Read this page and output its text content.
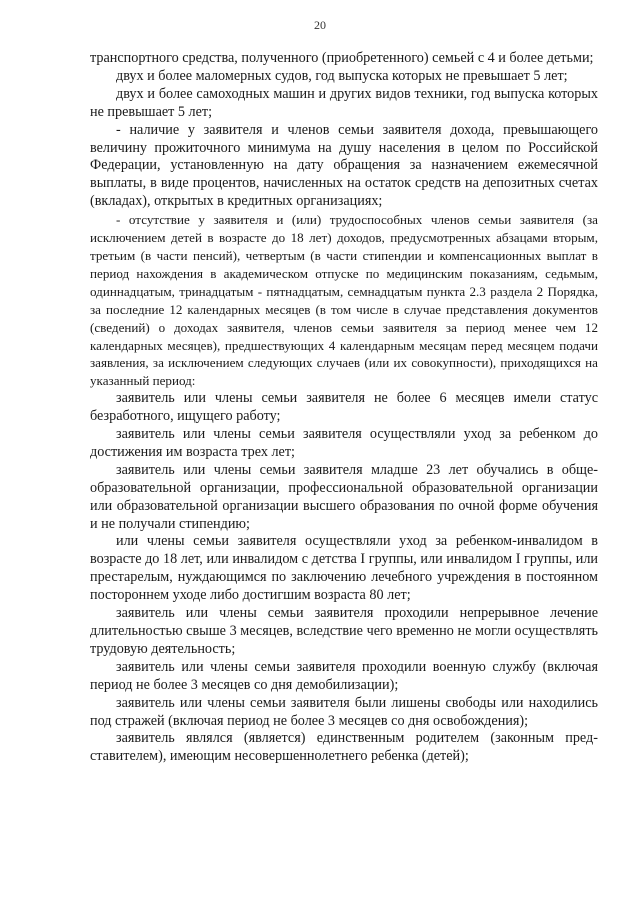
20

транспортного средства, полученного (приобретенного) семьей с 4 и более детьми;

двух и более маломерных судов, год выпуска которых не превышает 5 лет;

двух и более самоходных машин и других видов техники, год выпуска которых не превышает 5 лет;

- наличие у заявителя и членов семьи заявителя дохода, превышающего величину прожиточного минимума на душу населения в целом по Российской Федерации, установленную на дату обращения за назначением ежемесячной выплаты, в виде процентов, начисленных на остаток средств на депозитных счетах (вкладах), открытых в кредитных организациях;

- отсутствие у заявителя и (или) трудоспособных членов семьи заявителя (за исключением детей в возрасте до 18 лет) доходов, предусмотренных абзацами вторым, третьим (в части пенсий), четвертым (в части стипендии и компенсационных выплат в период нахождения в академическом отпуске по медицинским показаниям, седьмым, одиннадцатым, тринадцатым - пятнадцатым, семнадцатым пункта 2.3 раздела 2 Порядка, за последние 12 календарных месяцев (в том числе в случае представления документов (сведений) о доходах заявителя, членов семьи заявителя за период менее чем 12 календарных месяцев), предшествующих 4 календарным месяцам перед месяцем подачи заявления, за исключением следующих случаев (или их совокупности), приходящихся на указанный период:

заявитель или члены семьи заявителя не более 6 месяцев имели статус безработного, ищущего работу;

заявитель или члены семьи заявителя осуществляли уход за ребенком до достижения им возраста трех лет;

заявитель или члены семьи заявителя младше 23 лет обучались в общеобразовательной организации, профессиональной образовательной организации или образовательной организации высшего образования по очной форме обучения и не получали стипендию;

или члены семьи заявителя осуществляли уход за ребенком-инвалидом в возрасте до 18 лет, или инвалидом с детства I группы, или инвалидом I группы, или престарелым, нуждающимся по заключению лечебного учреждения в постоянном постороннем уходе либо достигшим возраста 80 лет;

заявитель или члены семьи заявителя проходили непрерывное лечение длительностью свыше 3 месяцев, вследствие чего временно не могли осуществлять трудовую деятельность;

заявитель или члены семьи заявителя проходили военную службу (включая период не более 3 месяцев со дня демобилизации);

заявитель или члены семьи заявителя были лишены свободы или находились под стражей (включая период не более 3 месяцев со дня освобождения);

заявитель являлся (является) единственным родителем (законным представителем), имеющим несовершеннолетнего ребенка (детей);
